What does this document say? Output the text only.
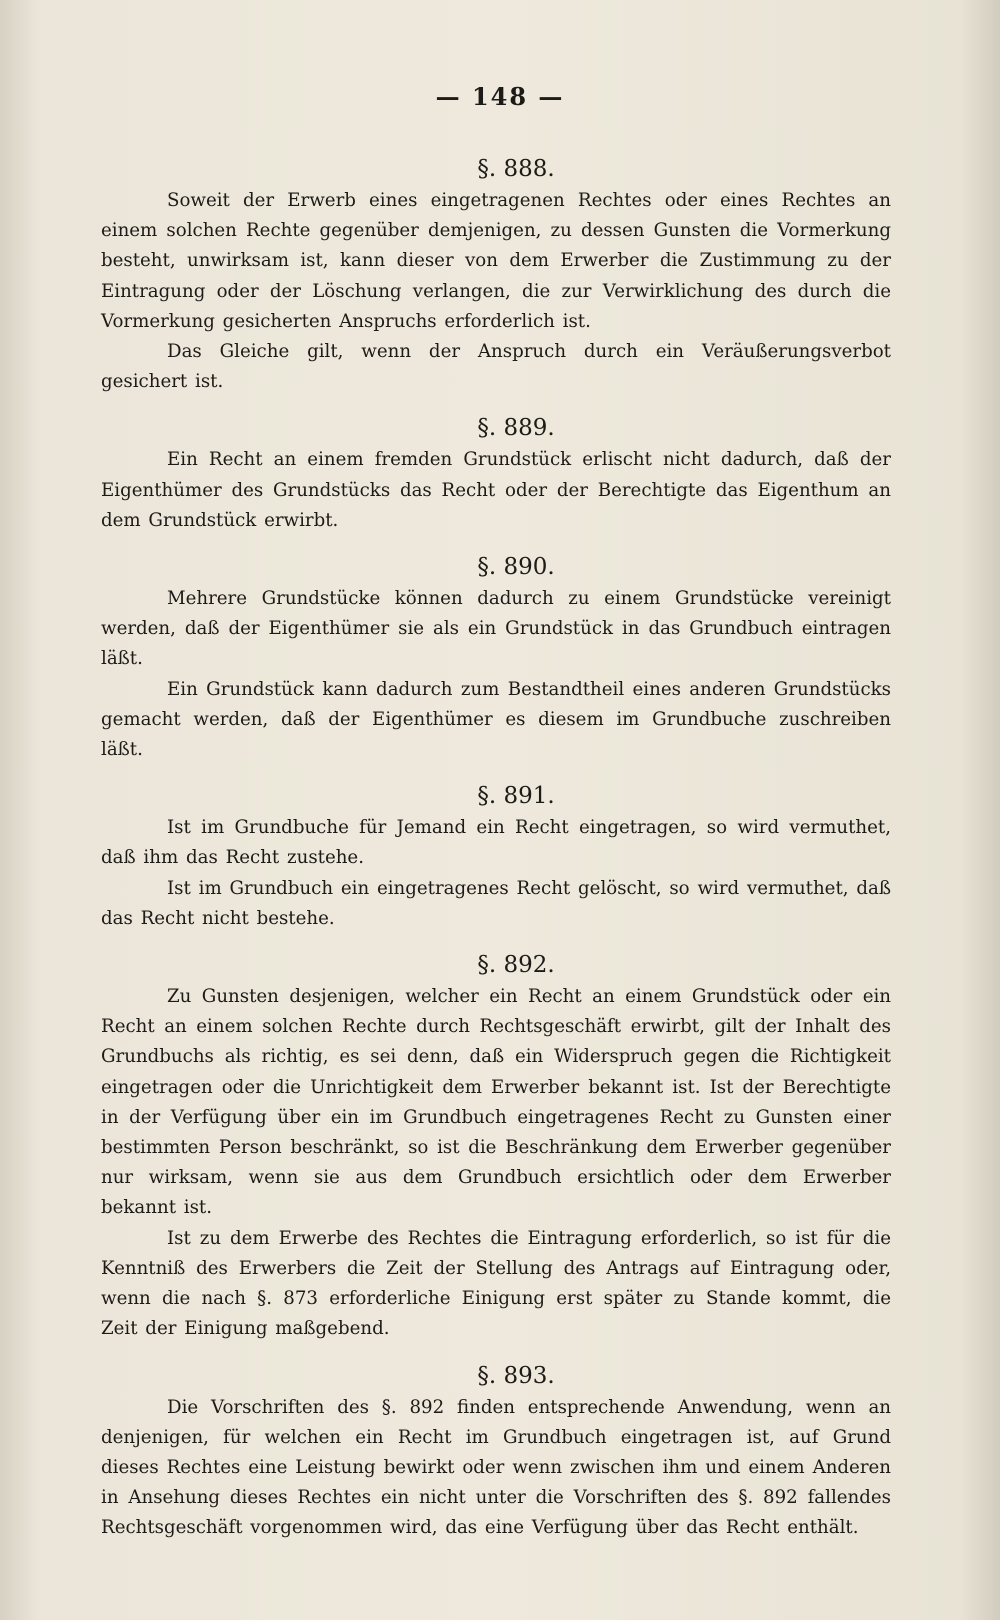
— 148 —
§. 888.

Soweit der Erwerb eines eingetragenen Rechtes oder eines Rechtes an einem solchen Rechte gegenüber demjenigen, zu dessen Gunsten die Vormerkung besteht, unwirksam ist, kann dieser von dem Erwerber die Zustimmung zu der Eintragung oder der Löschung verlangen, die zur Verwirklichung des durch die Vormerkung gesicherten Anspruchs erforderlich ist.

Das Gleiche gilt, wenn der Anspruch durch ein Veräußerungsverbot gesichert ist.

§. 889.

Ein Recht an einem fremden Grundstück erlischt nicht dadurch, daß der Eigenthümer des Grundstücks das Recht oder der Berechtigte das Eigenthum an dem Grundstück erwirbt.

§. 890.

Mehrere Grundstücke können dadurch zu einem Grundstücke vereinigt werden, daß der Eigenthümer sie als ein Grundstück in das Grundbuch eintragen läßt.

Ein Grundstück kann dadurch zum Bestandtheil eines anderen Grundstücks gemacht werden, daß der Eigenthümer es diesem im Grundbuche zuschreiben läßt.

§. 891.

Ist im Grundbuche für Jemand ein Recht eingetragen, so wird vermuthet, daß ihm das Recht zustehe.

Ist im Grundbuch ein eingetragenes Recht gelöscht, so wird vermuthet, daß das Recht nicht bestehe.

§. 892.

Zu Gunsten desjenigen, welcher ein Recht an einem Grundstück oder ein Recht an einem solchen Rechte durch Rechtsgeschäft erwirbt, gilt der Inhalt des Grundbuchs als richtig, es sei denn, daß ein Widerspruch gegen die Richtigkeit eingetragen oder die Unrichtigkeit dem Erwerber bekannt ist. Ist der Berechtigte in der Verfügung über ein im Grundbuch eingetragenes Recht zu Gunsten einer bestimmten Person beschränkt, so ist die Beschränkung dem Erwerber gegenüber nur wirksam, wenn sie aus dem Grundbuch ersichtlich oder dem Erwerber bekannt ist.

Ist zu dem Erwerbe des Rechtes die Eintragung erforderlich, so ist für die Kenntniß des Erwerbers die Zeit der Stellung des Antrags auf Eintragung oder, wenn die nach §. 873 erforderliche Einigung erst später zu Stande kommt, die Zeit der Einigung maßgebend.

§. 893.

Die Vorschriften des §. 892 finden entsprechende Anwendung, wenn an denjenigen, für welchen ein Recht im Grundbuch eingetragen ist, auf Grund dieses Rechtes eine Leistung bewirkt oder wenn zwischen ihm und einem Anderen in Ansehung dieses Rechtes ein nicht unter die Vorschriften des §. 892 fallendes Rechtsgeschäft vorgenommen wird, das eine Verfügung über das Recht enthält.
